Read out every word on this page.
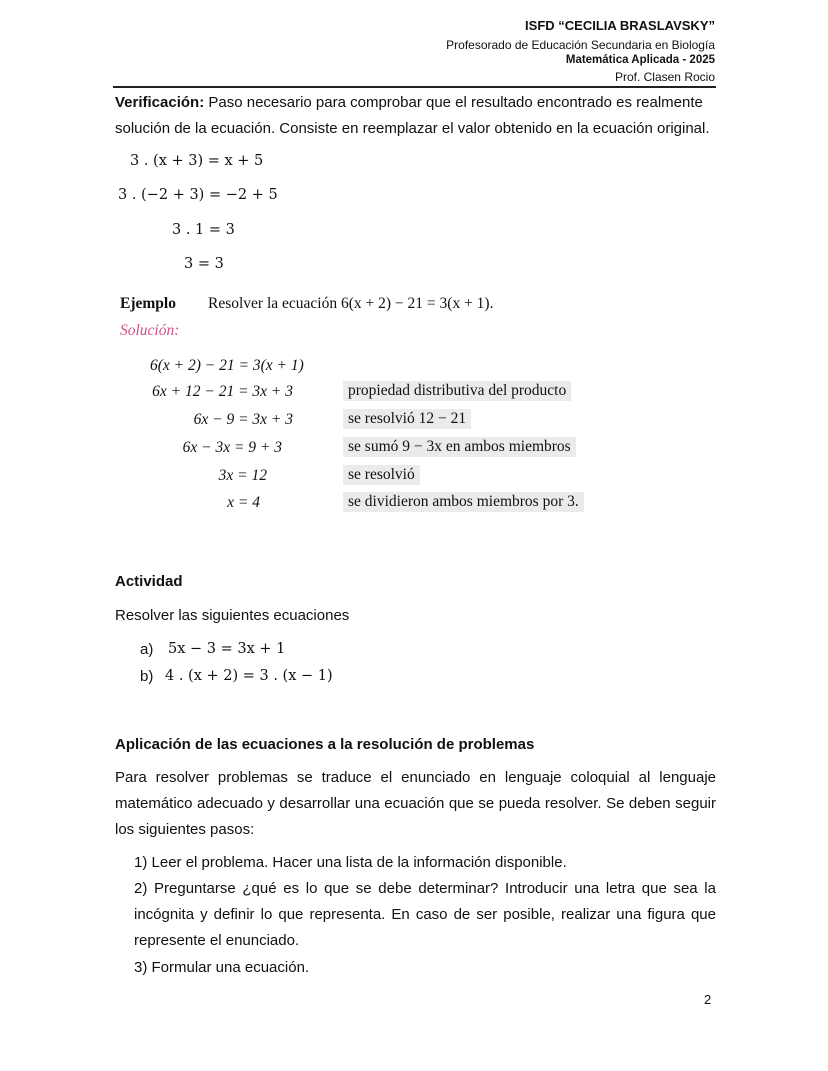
ISFD “CECILIA BRASLAVSKY”
Profesorado de Educación Secundaria en Biología
Matemática Aplicada - 2025
Prof. Clasen Rocio
Verificación: Paso necesario para comprobar que el resultado encontrado es realmente
solución de la ecuación. Consiste en reemplazar el valor obtenido en la ecuación original.
3 . (x + 3) = x + 5
3 . (−2 + 3) = −2 + 5
3 . 1 = 3
3 = 3
Ejemplo Resolver la ecuación 6(x + 2) − 21 = 3(x + 1).
Solución:
6(x + 2) − 21 = 3(x + 1)
6x + 12 − 21 = 3x + 3	propiedad distributiva del producto
6x − 9 = 3x + 3	se resolvió 12 − 21
6x − 3x = 9 + 3	se sumó 9 − 3x en ambos miembros
3x = 12	se resolvió
x = 4	se dividieron ambos miembros por 3.
Actividad
Resolver las siguientes ecuaciones
a) 5x − 3 = 3x + 1
b) 4 . (x + 2) = 3 . (x − 1)
Aplicación de las ecuaciones a la resolución de problemas
Para resolver problemas se traduce el enunciado en lenguaje coloquial al lenguaje matemático adecuado y desarrollar una ecuación que se pueda resolver. Se deben seguir los siguientes pasos:
1) Leer el problema. Hacer una lista de la información disponible.
2) Preguntarse ¿qué es lo que se debe determinar? Introducir una letra que sea la incógnita y definir lo que representa. En caso de ser posible, realizar una figura que represente el enunciado.
3) Formular una ecuación.
2
